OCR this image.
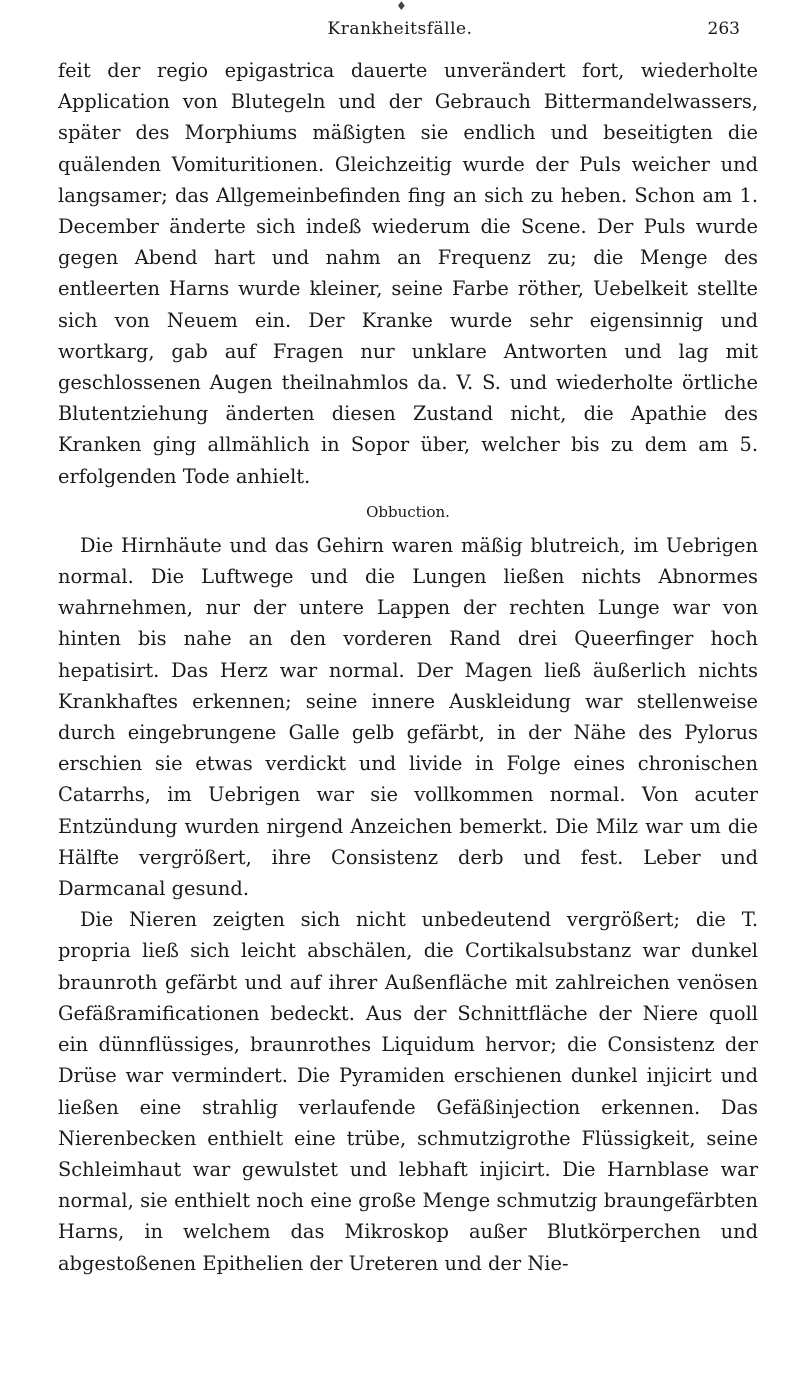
♦
Krankheitsfälle.	263

feit der regio epigastrica dauerte unverändert fort, wiederholte Application von Blutegeln und der Gebrauch Bittermandelwassers, später des Morphiums mäßigten sie endlich und beseitigten die quälenden Vomituritionen. Gleichzeitig wurde der Puls weicher und langsamer; das Allgemeinbefinden fing an sich zu heben. Schon am 1. December änderte sich indeß wiederum die Scene. Der Puls wurde gegen Abend hart und nahm an Frequenz zu; die Menge des entleerten Harns wurde kleiner, seine Farbe röther, Uebelkeit stellte sich von Neuem ein. Der Kranke wurde sehr eigensinnig und wortkarg, gab auf Fragen nur unklare Antworten und lag mit geschlossenen Augen theilnahmlos da. V. S. und wiederholte örtliche Blutentziehung änderten diesen Zustand nicht, die Apathie des Kranken ging allmählich in Sopor über, welcher bis zu dem am 5. erfolgenden Tode anhielt.

Obbuction.

Die Hirnhäute und das Gehirn waren mäßig blutreich, im Uebrigen normal. Die Luftwege und die Lungen ließen nichts Abnormes wahrnehmen, nur der untere Lappen der rechten Lunge war von hinten bis nahe an den vorderen Rand drei Queerfinger hoch hepatisirt. Das Herz war normal. Der Magen ließ äußerlich nichts Krankhaftes erkennen; seine innere Auskleidung war stellenweise durch eingebrungene Galle gelb gefärbt, in der Nähe des Pylorus erschien sie etwas verdickt und livide in Folge eines chronischen Catarrhs, im Uebrigen war sie vollkommen normal. Von acuter Entzündung wurden nirgend Anzeichen bemerkt. Die Milz war um die Hälfte vergrößert, ihre Consistenz derb und fest. Leber und Darmcanal gesund.

Die Nieren zeigten sich nicht unbedeutend vergrößert; die T. propria ließ sich leicht abschälen, die Cortikalsubstanz war dunkel braunroth gefärbt und auf ihrer Außenfläche mit zahlreichen venösen Gefäßramificationen bedeckt. Aus der Schnittfläche der Niere quoll ein dünnflüssiges, braunrothes Liquidum hervor; die Consistenz der Drüse war vermindert. Die Pyramiden erschienen dunkel injicirt und ließen eine strahlig verlaufende Gefäßinjection erkennen. Das Nierenbecken enthielt eine trübe, schmutzigrothe Flüssigkeit, seine Schleimhaut war gewulstet und lebhaft injicirt. Die Harnblase war normal, sie enthielt noch eine große Menge schmutzig braungefärbten Harns, in welchem das Mikroskop außer Blutkörperchen und abgestoßenen Epithelien der Ureteren und der Nie-
